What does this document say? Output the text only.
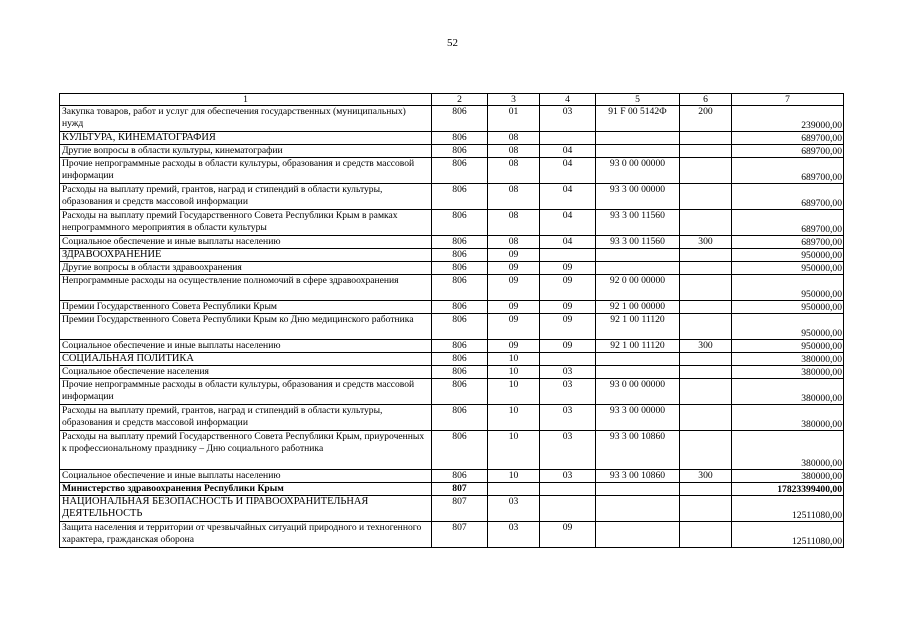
52
1	2	3	4	5	6	7
Закупка товаров, работ и услуг для обеспечения государственных (муниципальных) нужд	806	01	03	91 F 00 5142Ф	200	239000,00
КУЛЬТУРА, КИНЕМАТОГРАФИЯ	806	08				689700,00
Другие вопросы в области культуры, кинематографии	806	08	04			689700,00
Прочие непрограммные расходы в области культуры, образования и средств массовой информации	806	08	04	93 0 00 00000		689700,00
Расходы на выплату премий, грантов, наград и стипендий в области культуры, образования и средств массовой информации	806	08	04	93 3 00 00000		689700,00
Расходы на выплату премий Государственного Совета Республики Крым в рамках непрограммного мероприятия в области культуры	806	08	04	93 3 00 11560		689700,00
Социальное обеспечение и иные выплаты населению	806	08	04	93 3 00 11560	300	689700,00
ЗДРАВООХРАНЕНИЕ	806	09				950000,00
Другие вопросы в области здравоохранения	806	09	09			950000,00
Непрограммные расходы на осуществление полномочий в сфере здравоохранения	806	09	09	92 0 00 00000		950000,00
Премии Государственного Совета Республики Крым	806	09	09	92 1 00 00000		950000,00
Премии Государственного Совета Республики Крым ко Дню медицинского работника	806	09	09	92 1 00 11120		950000,00
Социальное обеспечение и иные выплаты населению	806	09	09	92 1 00 11120	300	950000,00
СОЦИАЛЬНАЯ ПОЛИТИКА	806	10				380000,00
Социальное обеспечение населения	806	10	03			380000,00
Прочие непрограммные расходы в области культуры, образования и средств массовой информации	806	10	03	93 0 00 00000		380000,00
Расходы на выплату премий, грантов, наград и стипендий в области культуры, образования и средств массовой информации	806	10	03	93 3 00 00000		380000,00
Расходы на выплату премий Государственного Совета Республики Крым, приуроченных к профессиональному празднику – Дню социального работника	806	10	03	93 3 00 10860		380000,00
Социальное обеспечение и иные выплаты населению	806	10	03	93 3 00 10860	300	380000,00
Министерство здравоохранения Республики Крым	807					17823399400,00
НАЦИОНАЛЬНАЯ БЕЗОПАСНОСТЬ И ПРАВООХРАНИТЕЛЬНАЯ ДЕЯТЕЛЬНОСТЬ	807	03				12511080,00
Защита населения и территории от чрезвычайных ситуаций природного и техногенного характера, гражданская оборона	807	03	09			12511080,00
